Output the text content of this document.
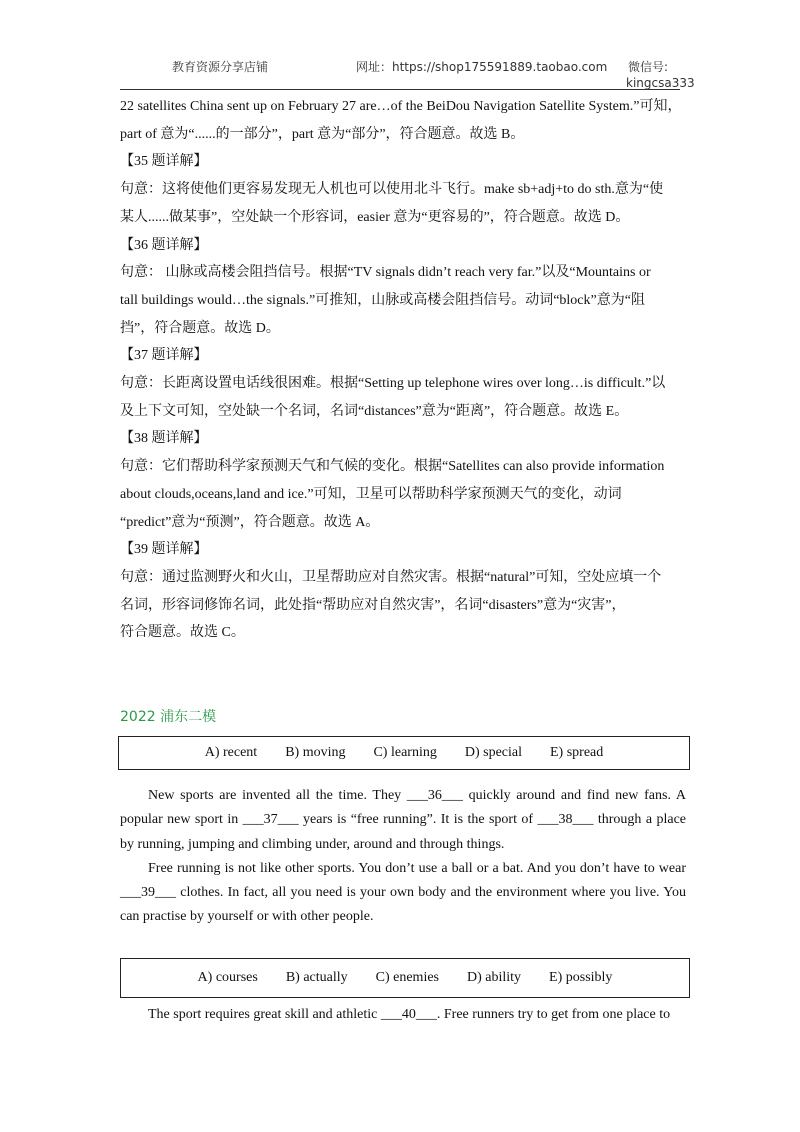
教育资源分享店铺	网址：https://shop175591889.taobao.com 微信号:
kingcsa333
22 satellites China sent up on February 27 are…of the BeiDou Navigation Satellite System.”可知，
part of 意为“......的一部分”，part 意为“部分”，符合题意。故选 B。
【35 题详解】
句意：这将使他们更容易发现无人机也可以使用北斗飞行。make sb+adj+to do sth.意为“使
某人......做某事”，空处缺一个形容词，easier 意为“更容易的”，符合题意。故选 D。
【36 题详解】
句意： 山脉或高楼会阻挡信号。根据“TV signals didn’t reach very far.”以及“Mountains or
tall buildings would…the signals.”可推知，山脉或高楼会阻挡信号。动词“block”意为“阻
挡”，符合题意。故选 D。
【37 题详解】
句意：长距离设置电话线很困难。根据“Setting up telephone wires over long…is difficult.”以
及上下文可知，空处缺一个名词，名词“distances”意为“距离”，符合题意。故选 E。
【38 题详解】
句意：它们帮助科学家预测天气和气候的变化。根据“Satellites can also provide information
about clouds,oceans,land and ice.”可知，卫星可以帮助科学家预测天气的变化，动词
“predict”意为“预测”，符合题意。故选 A。
【39 题详解】
句意：通过监测野火和火山，卫星帮助应对自然灾害。根据“natural”可知，空处应填一个
名词，形容词修饰名词，此处指“帮助应对自然灾害”，名词“disasters”意为“灾害”，
符合题意。故选 C。
2022 浦东二模
A) recent B) moving C) learning D) special E) spread

New sports are invented all the time. They ___36___ quickly around and find new fans. A popular new sport in ___37___ years is “free running”. It is the sport of ___38___ through a place by running, jumping and climbing under, around and through things.

Free running is not like other sports. You don’t use a ball or a bat. And you don’t have to wear ___39___ clothes. In fact, all you need is your own body and the environment where you live. You can practise by yourself or with other people.

A) courses B) actually C) enemies D) ability E) possibly

The sport requires great skill and athletic ___40___. Free runners try to get from one place to
